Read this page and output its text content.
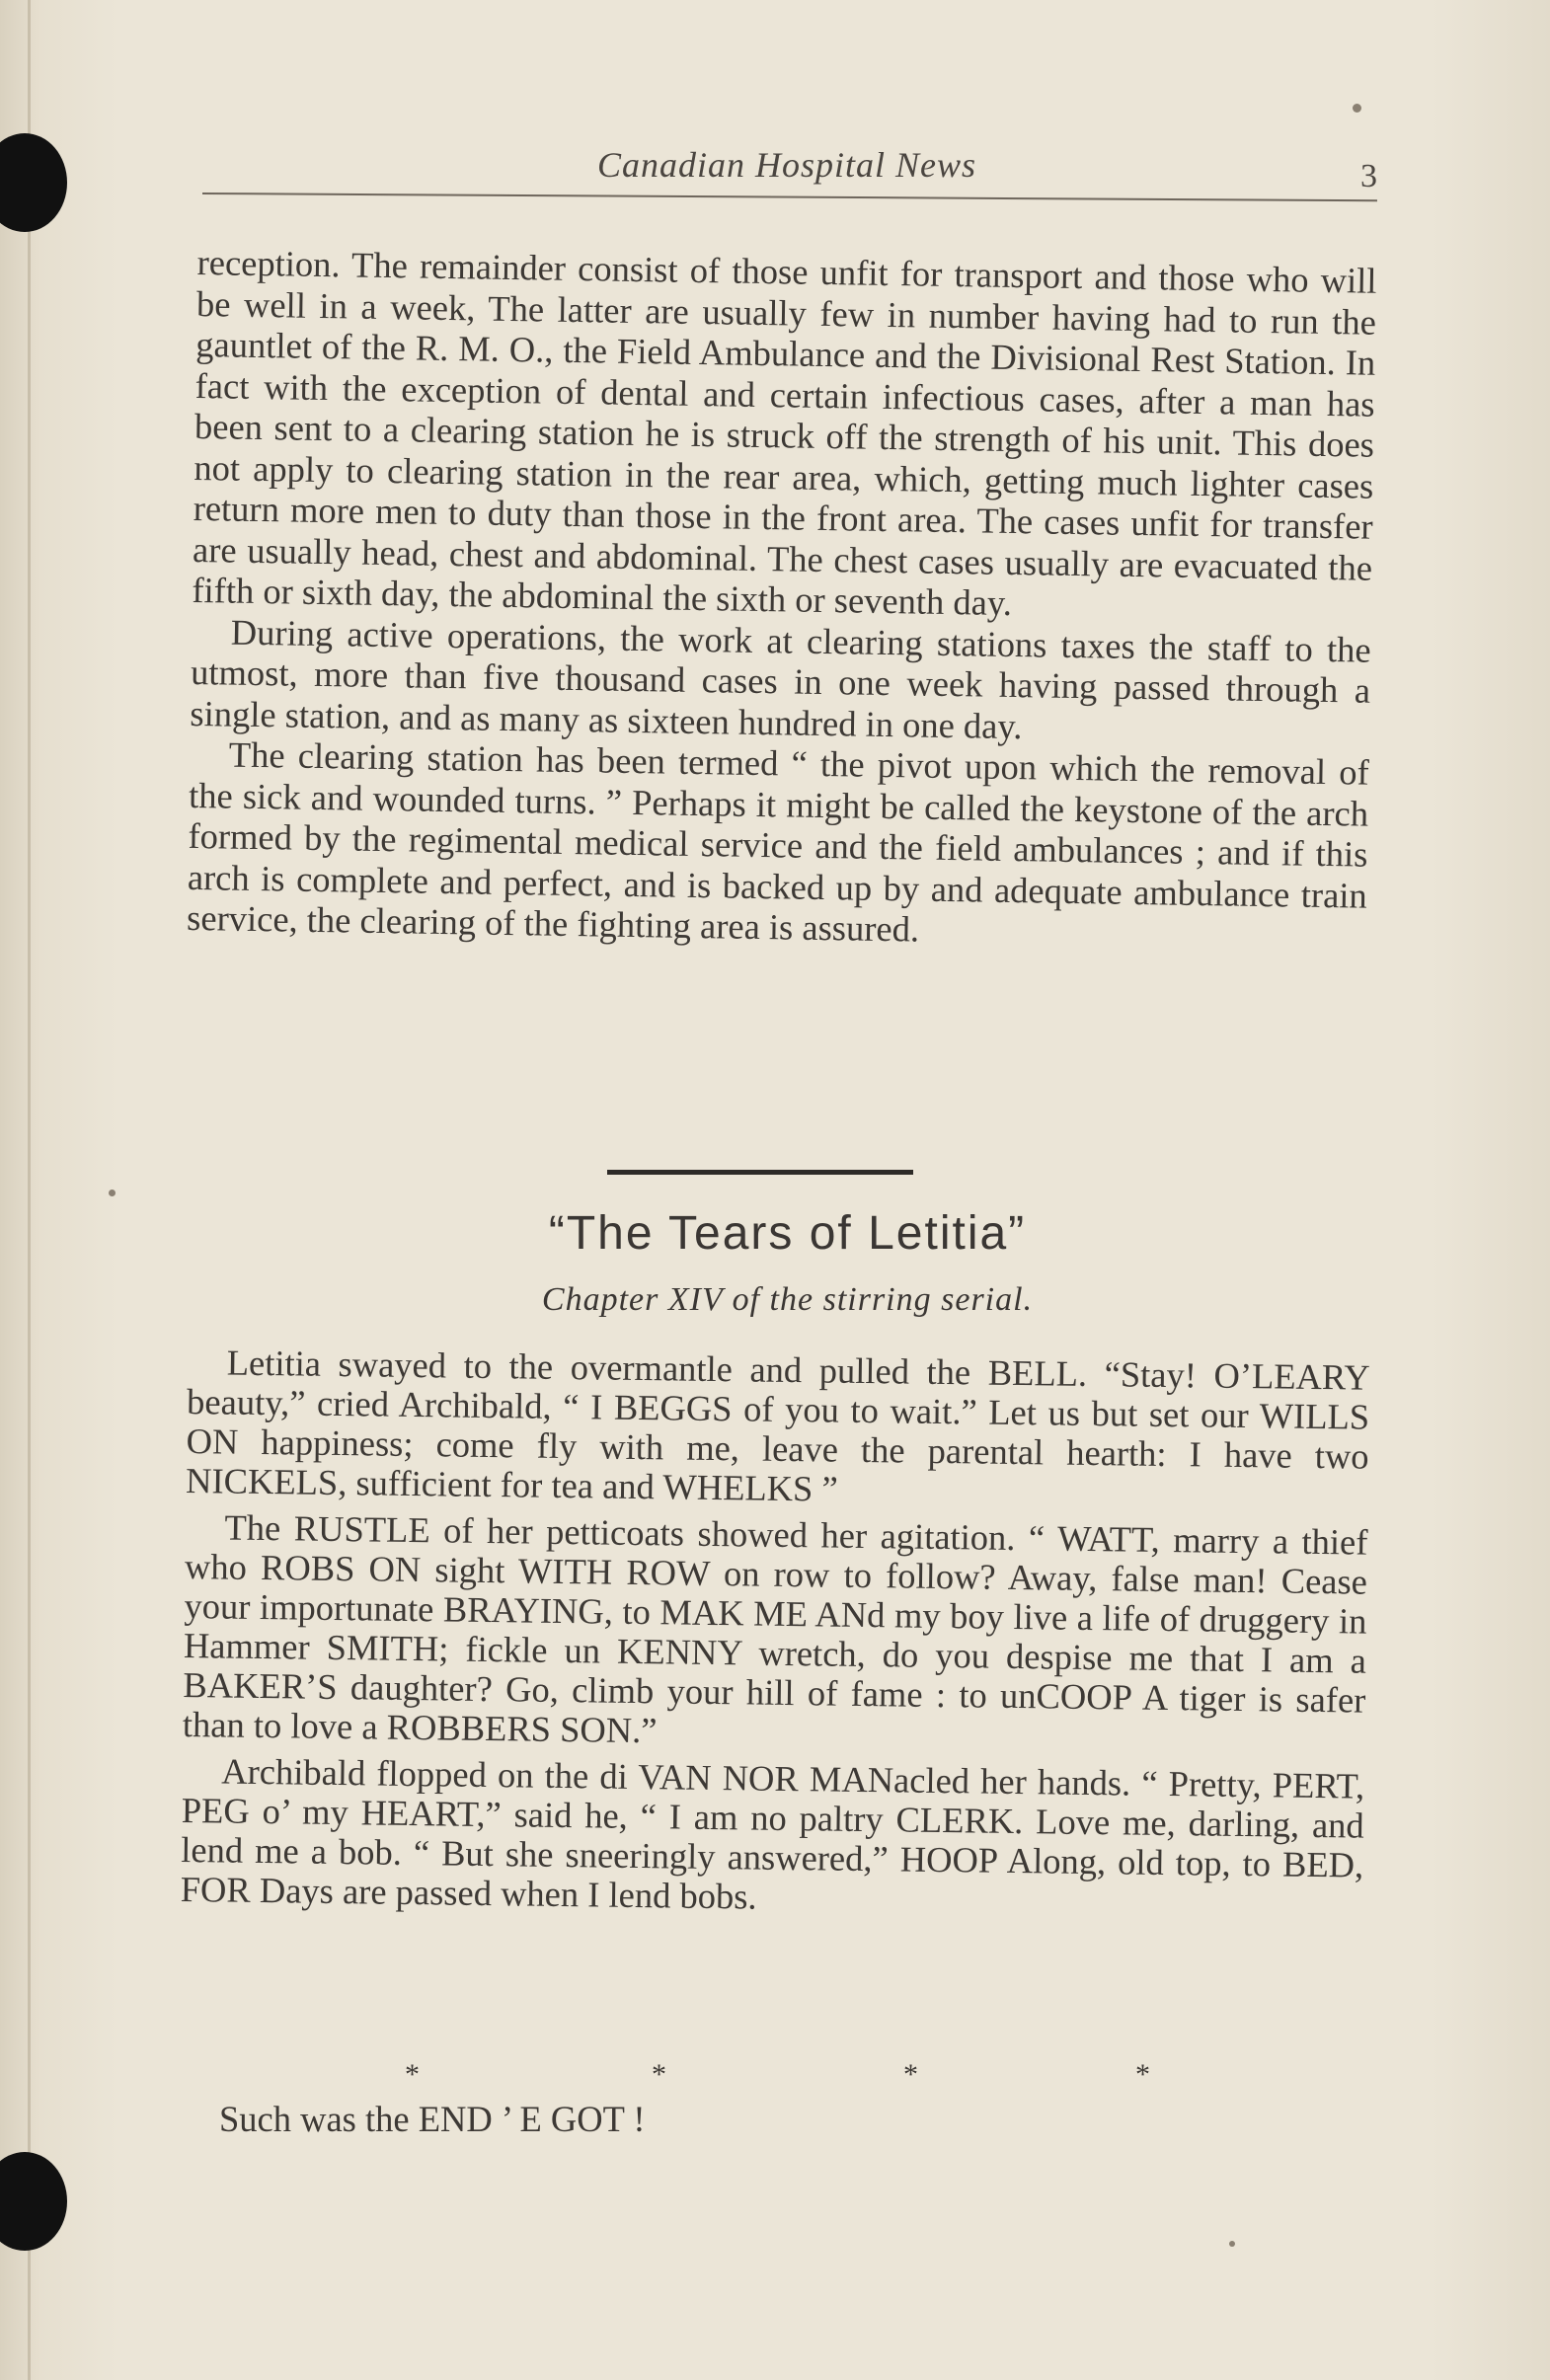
Canadian Hospital News	3

reception. The remainder consist of those unfit for transport and those who will be well in a week, The latter are usually few in number having had to run the gauntlet of the R. M. O., the Field Ambulance and the Divisional Rest Station. In fact with the exception of dental and certain infectious cases, after a man has been sent to a clearing station he is struck off the strength of his unit. This does not apply to clearing station in the rear area, which, getting much lighter cases return more men to duty than those in the front area. The cases unfit for transfer are usually head, chest and abdominal. The chest cases usually are evacuated the fifth or sixth day, the abdominal the sixth or seventh day.

During active operations, the work at clearing stations taxes the staff to the utmost, more than five thousand cases in one week having passed through a single station, and as many as sixteen hundred in one day.

The clearing station has been termed “ the pivot upon which the removal of the sick and wounded turns. ” Perhaps it might be called the keystone of the arch formed by the regimental medical service and the field ambulances ; and if this arch is complete and perfect, and is backed up by and adequate ambulance train service, the clearing of the fighting area is assured.

“The Tears of Letitia”
Chapter XIV of the stirring serial.

Letitia swayed to the overmantle and pulled the BELL. “Stay! O’LEARY beauty,” cried Archibald, “ I BEGGS of you to wait.” Let us but set our WILLS ON happiness; come fly with me, leave the parental hearth: I have two NICKELS, sufficient for tea and WHELKS ”

The RUSTLE of her petticoats showed her agitation. “ WATT, marry a thief who ROBS ON sight WITH ROW on row to follow? Away, false man! Cease your importunate BRAYING, to MAK ME ANd my boy live a life of druggery in Hammer SMITH; fickle un KENNY wretch, do you despise me that I am a BAKER’S daughter? Go, climb your hill of fame : to unCOOP A tiger is safer than to love a ROBBERS SON.”

Archibald flopped on the di VAN NOR MANacled her hands. “ Pretty, PERT, PEG o’ my HEART,” said he, “ I am no paltry CLERK. Love me, darling, and lend me a bob. “ But she sneeringly answered,” HOOP Along, old top, to BED, FOR Days are passed when I lend bobs.

*	*	*	*
Such was the END ’ E GOT !
